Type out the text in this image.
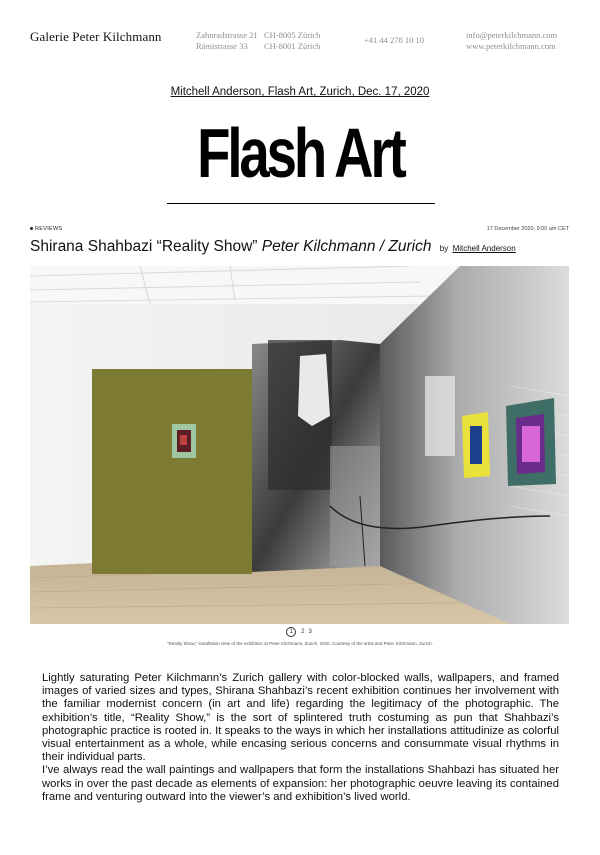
Galerie Peter Kilchmann	Zahnradstrasse 21 CH-8005 Zürich
Rämistrasse 33 CH-8001 Zürich
+41 44 278 10 10	info@peterkilchmann.com
www.peterkilchmann.com
Mitchell Anderson, Flash Art, Zurich, Dec. 17, 2020
Flash Art
REVIEWS	17 December 2020, 9:00 am CET
Shirana Shahbazi “Reality Show” Peter Kilchmann / Zurich by Mitchell Anderson
1 2 3
“Reality Show,” installation view of the exhibition at Peter Kilchmann, Zurich, 2020. Courtesy of the artist and Peter Kilchmann, Zurich.

Lightly saturating Peter Kilchmann’s Zurich gallery with color-blocked walls, wallpapers, and framed images of varied sizes and types, Shirana Shahbazi’s recent exhibition continues her involvement with the familiar modernist concern (in art and life) regarding the legitimacy of the photographic. The exhibition’s title, “Reality Show,” is the sort of splintered truth costuming as pun that Shahbazi’s photographic practice is rooted in. It speaks to the ways in which her installations attitudinize as colorful visual entertainment as a whole, while encasing serious concerns and consummate visual rhythms in their individual parts.

I’ve always read the wall paintings and wallpapers that form the installations Shahbazi has situated her works in over the past decade as elements of expansion: her photographic oeuvre leaving its contained frame and venturing outward into the viewer’s and exhibition’s lived world.
